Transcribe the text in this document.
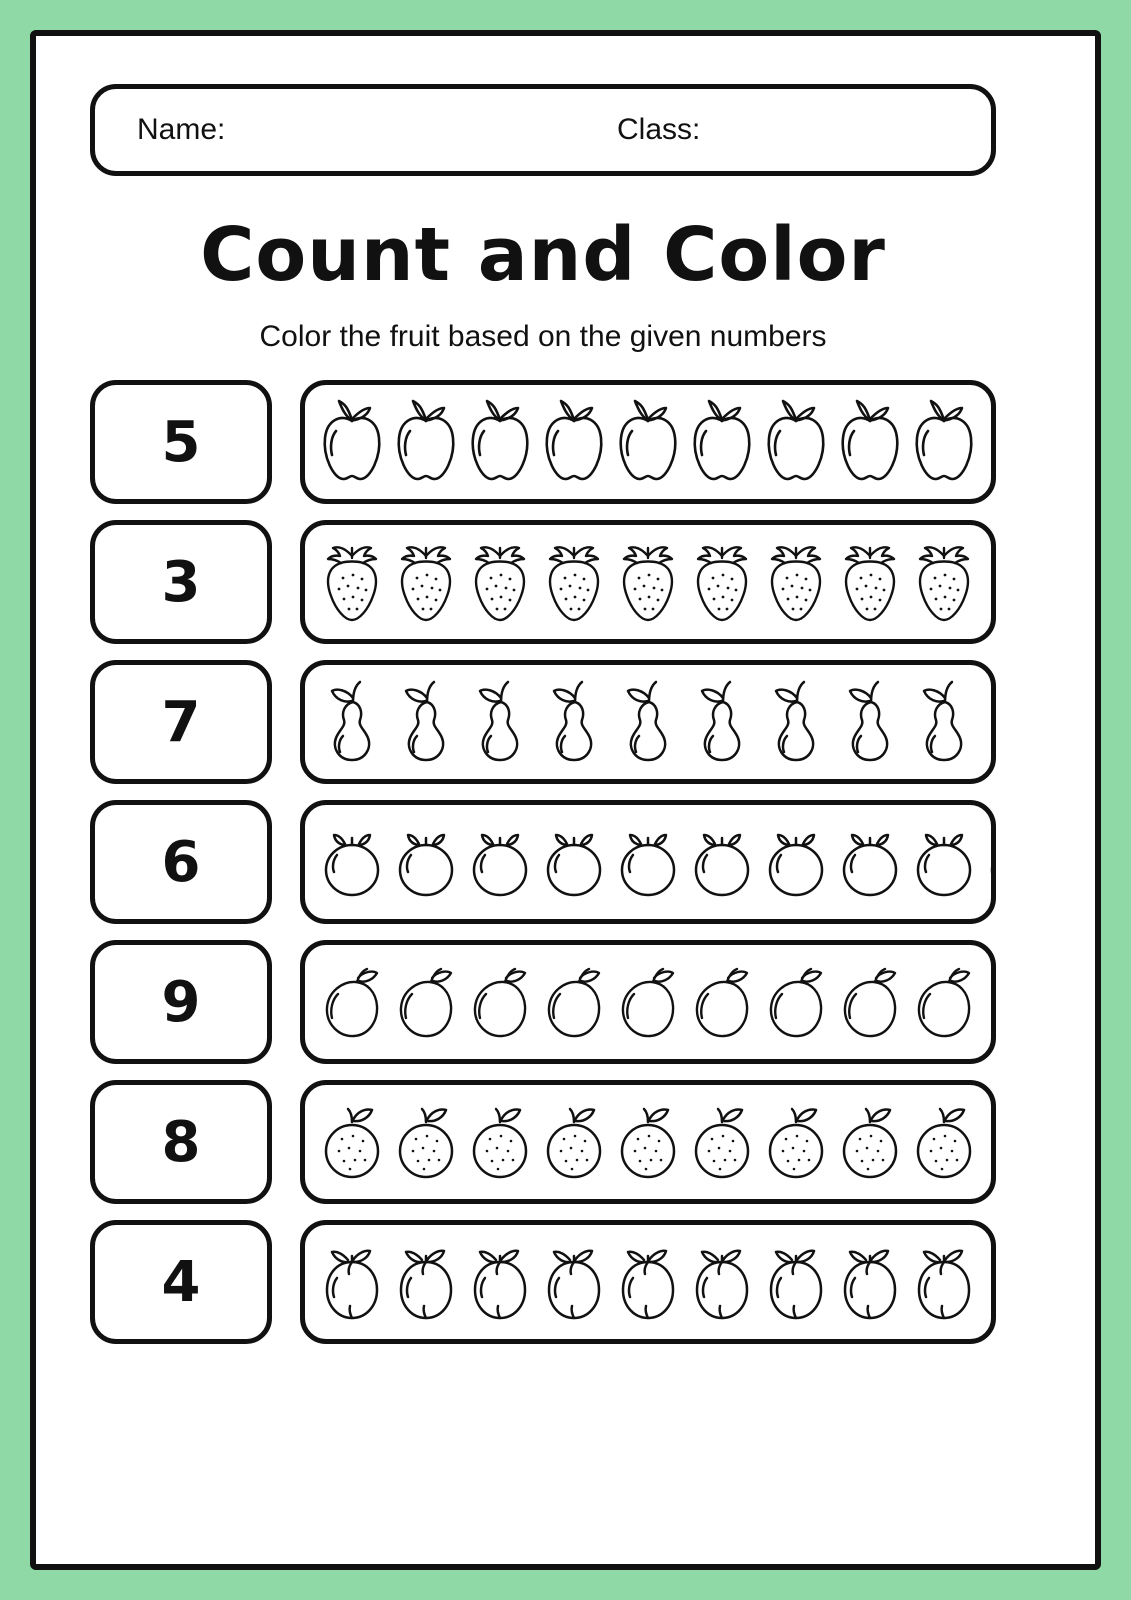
Name:	Class:
Count and Color
Color the fruit based on the given numbers
5
3
7
6
9
8
4
